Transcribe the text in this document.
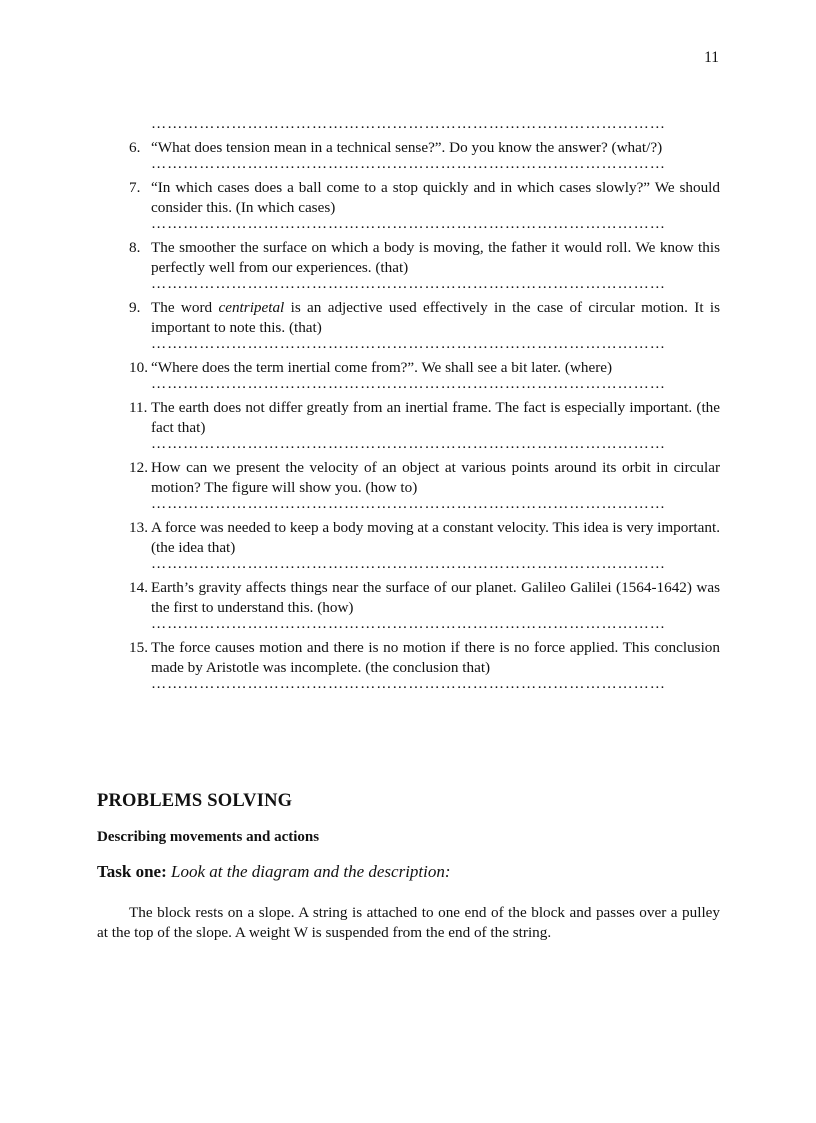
11
……………………………………………………………………………………
6. “What does tension mean in a technical sense?”. Do you know the answer? (what/?)
……………………………………………………………………………………
7. “In which cases does a ball come to a stop quickly and in which cases slowly?” We should consider this. (In which cases)
……………………………………………………………………………………
8. The smoother the surface on which a body is moving, the father it would roll. We know this perfectly well from our experiences. (that)
……………………………………………………………………………………
9. The word centripetal is an adjective used effectively in the case of circular motion. It is important to note this. (that)
……………………………………………………………………………………
10. “Where does the term inertial come from?”. We shall see a bit later. (where)
……………………………………………………………………………………
11. The earth does not differ greatly from an inertial frame. The fact is especially important. (the fact that)
……………………………………………………………………………………
12. How can we present the velocity of an object at various points around its orbit in circular motion? The figure will show you. (how to)
……………………………………………………………………………………
13. A force was needed to keep a body moving at a constant velocity. This idea is very important. (the idea that)
……………………………………………………………………………………
14. Earth’s gravity affects things near the surface of our planet. Galileo Galilei (1564-1642) was the first to understand this. (how)
……………………………………………………………………………………
15. The force causes motion and there is no motion if there is no force applied. This conclusion made by Aristotle was incomplete. (the conclusion that)
……………………………………………………………………………………
PROBLEMS SOLVING
Describing movements and actions
Task one: Look at the diagram and the description:
The block rests on a slope. A string is attached to one end of the block and passes over a pulley at the top of the slope. A weight W is suspended from the end of the string.
